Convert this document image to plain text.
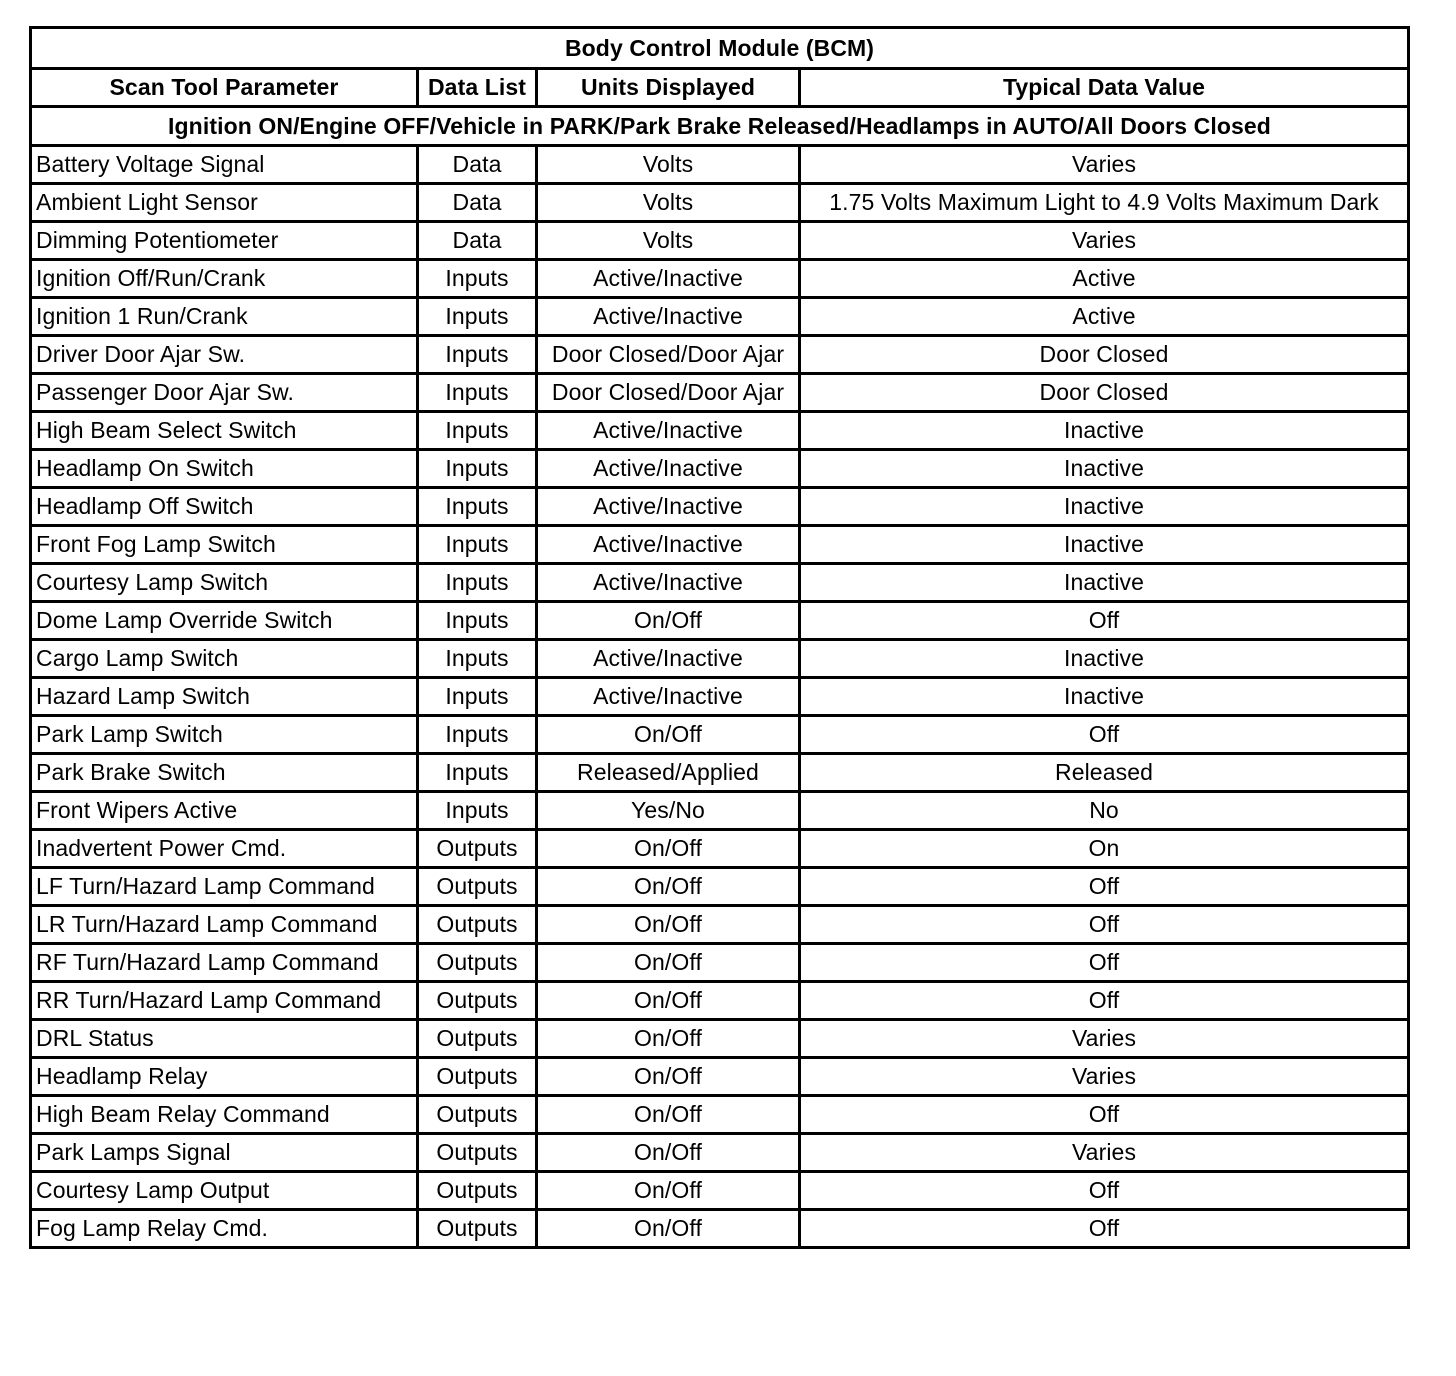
Body Control Module (BCM)			
Scan Tool Parameter	Data List	Units Displayed	Typical Data Value
Ignition ON/Engine OFF/Vehicle in PARK/Park Brake Released/Headlamps in AUTO/All Doors Closed			
Battery Voltage Signal	Data	Volts	Varies
Ambient Light Sensor	Data	Volts	1.75 Volts Maximum Light to 4.9 Volts Maximum Dark
Dimming Potentiometer	Data	Volts	Varies
Ignition Off/Run/Crank	Inputs	Active/Inactive	Active
Ignition 1 Run/Crank	Inputs	Active/Inactive	Active
Driver Door Ajar Sw.	Inputs	Door Closed/Door Ajar	Door Closed
Passenger Door Ajar Sw.	Inputs	Door Closed/Door Ajar	Door Closed
High Beam Select Switch	Inputs	Active/Inactive	Inactive
Headlamp On Switch	Inputs	Active/Inactive	Inactive
Headlamp Off Switch	Inputs	Active/Inactive	Inactive
Front Fog Lamp Switch	Inputs	Active/Inactive	Inactive
Courtesy Lamp Switch	Inputs	Active/Inactive	Inactive
Dome Lamp Override Switch	Inputs	On/Off	Off
Cargo Lamp Switch	Inputs	Active/Inactive	Inactive
Hazard Lamp Switch	Inputs	Active/Inactive	Inactive
Park Lamp Switch	Inputs	On/Off	Off
Park Brake Switch	Inputs	Released/Applied	Released
Front Wipers Active	Inputs	Yes/No	No
Inadvertent Power Cmd.	Outputs	On/Off	On
LF Turn/Hazard Lamp Command	Outputs	On/Off	Off
LR Turn/Hazard Lamp Command	Outputs	On/Off	Off
RF Turn/Hazard Lamp Command	Outputs	On/Off	Off
RR Turn/Hazard Lamp Command	Outputs	On/Off	Off
DRL Status	Outputs	On/Off	Varies
Headlamp Relay	Outputs	On/Off	Varies
High Beam Relay Command	Outputs	On/Off	Off
Park Lamps Signal	Outputs	On/Off	Varies
Courtesy Lamp Output	Outputs	On/Off	Off
Fog Lamp Relay Cmd.	Outputs	On/Off	Off
